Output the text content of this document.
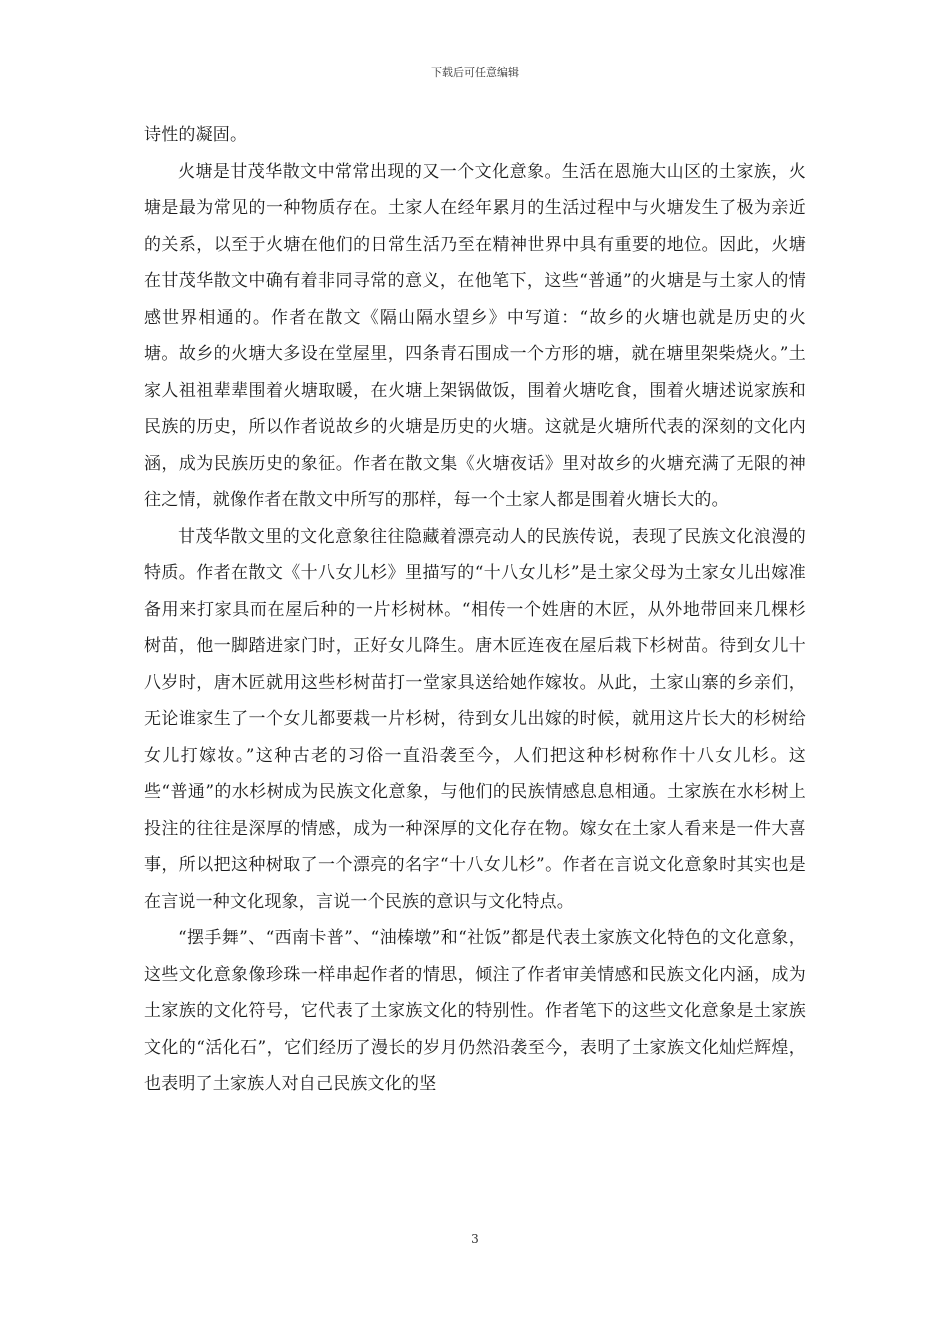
下载后可任意编辑

诗性的凝固。

火塘是甘茂华散文中常常出现的又一个文化意象。生活在恩施大山区的土家族，火塘是最为常见的一种物质存在。土家人在经年累月的生活过程中与火塘发生了极为亲近的关系，以至于火塘在他们的日常生活乃至在精神世界中具有重要的地位。因此，火塘在甘茂华散文中确有着非同寻常的意义，在他笔下，这些“普通”的火塘是与土家人的情感世界相通的。作者在散文《隔山隔水望乡》中写道：“故乡的火塘也就是历史的火塘。故乡的火塘大多设在堂屋里，四条青石围成一个方形的塘，就在塘里架柴烧火。”土家人祖祖辈辈围着火塘取暖，在火塘上架锅做饭，围着火塘吃食，围着火塘述说家族和民族的历史，所以作者说故乡的火塘是历史的火塘。这就是火塘所代表的深刻的文化内涵，成为民族历史的象征。作者在散文集《火塘夜话》里对故乡的火塘充满了无限的神往之情，就像作者在散文中所写的那样，每一个土家人都是围着火塘长大的。

甘茂华散文里的文化意象往往隐藏着漂亮动人的民族传说，表现了民族文化浪漫的特质。作者在散文《十八女儿杉》里描写的“十八女儿杉”是土家父母为土家女儿出嫁准备用来打家具而在屋后种的一片杉树林。“相传一个姓唐的木匠，从外地带回来几棵杉树苗，他一脚踏进家门时，正好女儿降生。唐木匠连夜在屋后栽下杉树苗。待到女儿十八岁时，唐木匠就用这些杉树苗打一堂家具送给她作嫁妆。从此，土家山寨的乡亲们，无论谁家生了一个女儿都要栽一片杉树，待到女儿出嫁的时候，就用这片长大的杉树给女儿打嫁妆。”这种古老的习俗一直沿袭至今，人们把这种杉树称作十八女儿杉。这些“普通”的水杉树成为民族文化意象，与他们的民族情感息息相通。土家族在水杉树上投注的往往是深厚的情感，成为一种深厚的文化存在物。嫁女在土家人看来是一件大喜事，所以把这种树取了一个漂亮的名字“十八女儿杉”。作者在言说文化意象时其实也是在言说一种文化现象，言说一个民族的意识与文化特点。

“摆手舞”、“西南卡普”、“油榛墩”和“社饭”都是代表土家族文化特色的文化意象，这些文化意象像珍珠一样串起作者的情思，倾注了作者审美情感和民族文化内涵，成为土家族的文化符号，它代表了土家族文化的特别性。作者笔下的这些文化意象是土家族文化的“活化石”，它们经历了漫长的岁月仍然沿袭至今，表明了土家族文化灿烂辉煌，也表明了土家族人对自己民族文化的坚

3
